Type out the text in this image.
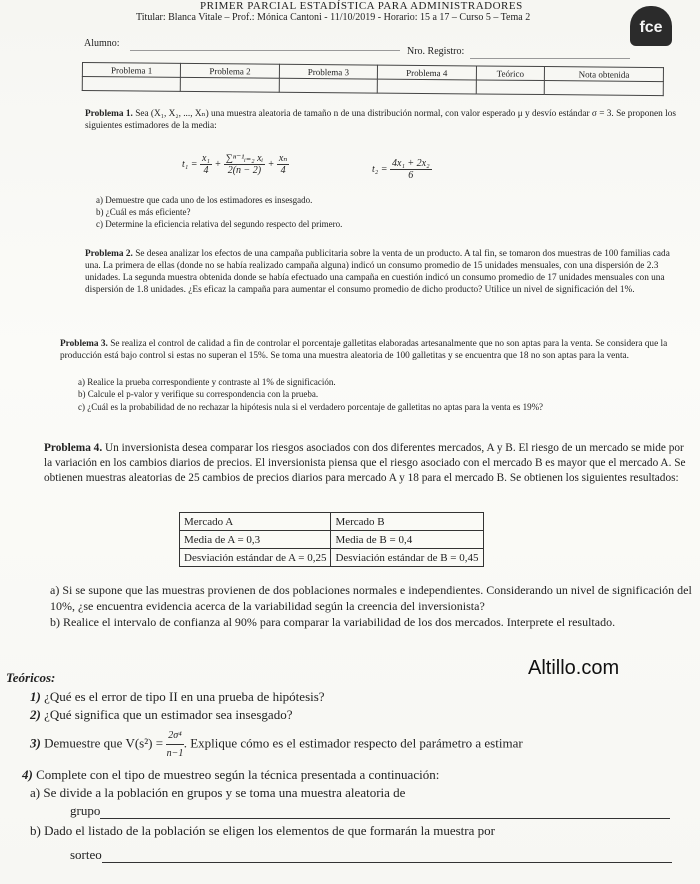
PRIMER PARCIAL ESTADÍSTICA PARA ADMINISTRADORES
Titular: Blanca Vitale – Prof.: Mónica Cantoni - 11/10/2019 - Horario: 15 a 17 – Curso 5 – Tema 2
fce
Alumno:
Nro. Registro:
Problema 1	Problema 2	Problema 3	Problema 4	Teórico	Nota obtenida

Problema 1. Sea (X₁, X₂, ..., Xₙ) una muestra aleatoria de tamaño n de una distribución normal, con valor esperado μ y desvío estándar σ = 3. Se proponen los siguientes estimadores de la media:
$t_1 = \frac{\text{x₁}}{4} + \frac{\text{∑ⁿ⁻¹ᵢ₌₂ xᵢ}}{2(n - 2)} + \frac{\text{xₙ}}{4}$	$t_2 = \frac{\text{4x₁ + 2x₂}}{6}$
a) Demuestre que cada uno de los estimadores es insesgado.
b) ¿Cuál es más eficiente?
c) Determine la eficiencia relativa del segundo respecto del primero.
Problema 2. Se desea analizar los efectos de una campaña publicitaria sobre la venta de un producto. A tal fin, se tomaron dos muestras de 100 familias cada una. La primera de ellas (donde no se había realizado campaña alguna) indicó un consumo promedio de 15 unidades mensuales, con una dispersión de 2.3 unidades. La segunda muestra obtenida donde se había efectuado una campaña en cuestión indicó un consumo promedio de 17 unidades mensuales con una dispersión de 1.8 unidades. ¿Es eficaz la campaña para aumentar el consumo promedio de dicho producto? Utilice un nivel de significación del 1%.
Problema 3. Se realiza el control de calidad a fin de controlar el porcentaje galletitas elaboradas artesanalmente que no son aptas para la venta. Se considera que la producción está bajo control si estas no superan el 15%. Se toma una muestra aleatoria de 100 galletitas y se encuentra que 18 no son aptas para la venta.
a) Realice la prueba correspondiente y contraste al 1% de significación.
b) Calcule el p-valor y verifique su correspondencia con la prueba.
c) ¿Cuál es la probabilidad de no rechazar la hipótesis nula si el verdadero porcentaje de galletitas no aptas para la venta es 19%?
Problema 4. Un inversionista desea comparar los riesgos asociados con dos diferentes mercados, A y B. El riesgo de un mercado se mide por la variación en los cambios diarios de precios. El inversionista piensa que el riesgo asociado con el mercado B es mayor que el mercado A. Se obtienen muestras aleatorias de 25 cambios de precios diarios para mercado A y 18 para el mercado B. Se obtienen los siguientes resultados:
Mercado A	Mercado B
Media de A = 0,3	Media de B = 0,4
Desviación estándar de A = 0,25	Desviación estándar de B = 0,45
a) Si se supone que las muestras provienen de dos poblaciones normales e independientes. Considerando un nivel de significación del 10%, ¿se encuentra evidencia acerca de la variabilidad según la creencia del inversionista?
b) Realice el intervalo de confianza al 90% para comparar la variabilidad de los dos mercados. Interprete el resultado.
Altillo.com
Teóricos:
1) ¿Qué es el error de tipo II en una prueba de hipótesis?
2) ¿Qué significa que un estimador sea insesgado?
3) Demuestre que $V(s^2) = \frac{\text{2σ⁴}}{n-1}$ . Explique cómo es el estimador respecto del parámetro a estimar
4) Complete con el tipo de muestreo según la técnica presentada a continuación:
a) Se divide a la población en grupos y se toma una muestra aleatoria de
grupo
b) Dado el listado de la población se eligen los elementos de que formarán la muestra por
sorteo
